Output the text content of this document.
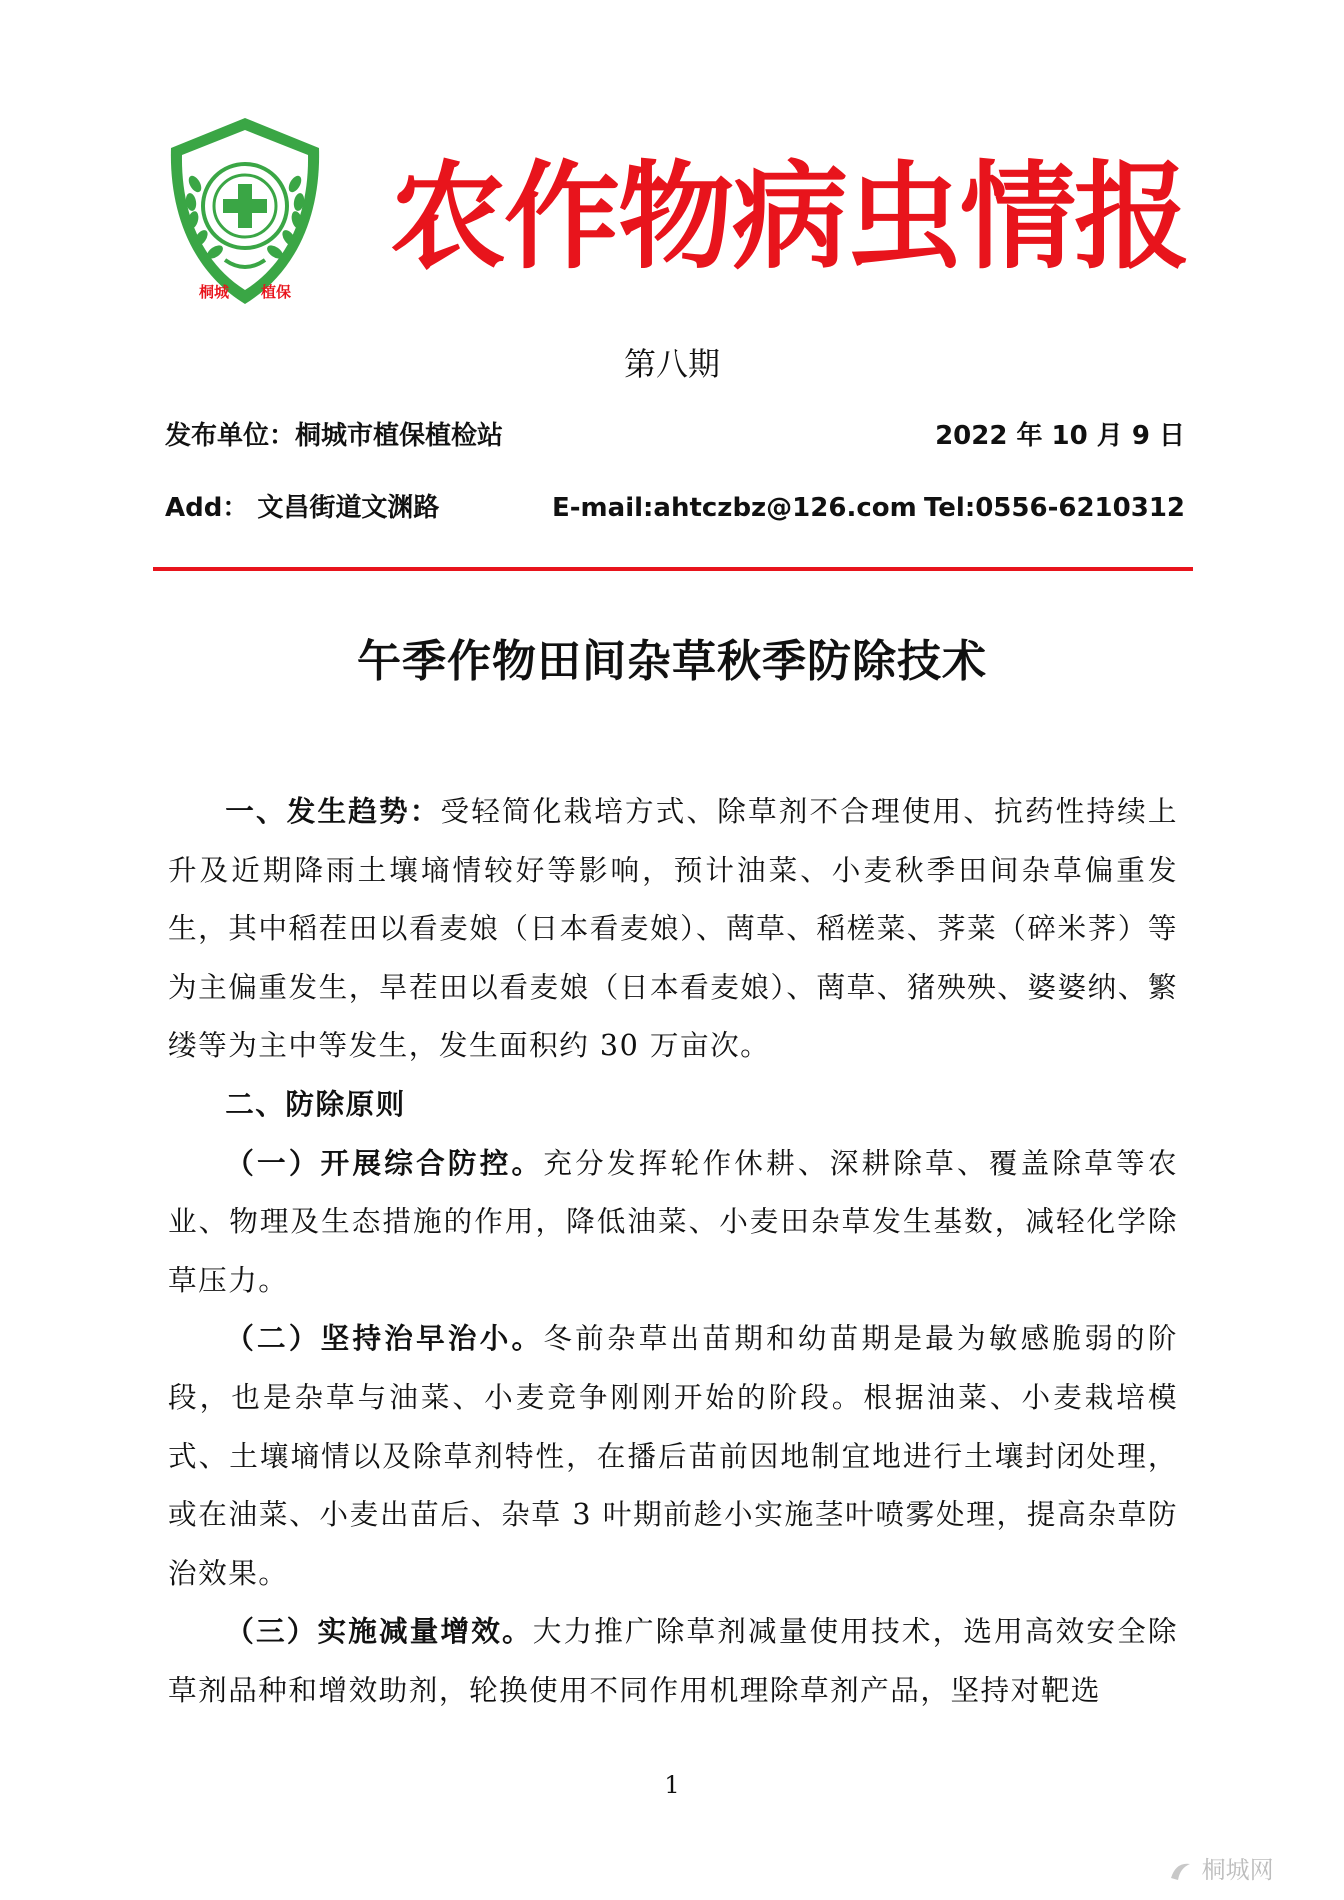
桐城 植保
农作物病虫情报
第八期
发布单位：桐城市植保植检站	2022 年 10 月 9 日
Add： 文昌街道文渊路	E-mail:ahtczbz@126.com Tel:0556-6210312
午季作物田间杂草秋季防除技术

一、发生趋势：受轻简化栽培方式、除草剂不合理使用、抗药性持续上升及近期降雨土壤墒情较好等影响，预计油菜、小麦秋季田间杂草偏重发生，其中稻茬田以看麦娘（日本看麦娘）、菵草、稻槎菜、荠菜（碎米荠）等为主偏重发生，旱茬田以看麦娘（日本看麦娘）、菵草、猪殃殃、婆婆纳、繁缕等为主中等发生，发生面积约 30 万亩次。

二、防除原则

（一）开展综合防控。充分发挥轮作休耕、深耕除草、覆盖除草等农业、物理及生态措施的作用，降低油菜、小麦田杂草发生基数，减轻化学除草压力。

（二）坚持治早治小。冬前杂草出苗期和幼苗期是最为敏感脆弱的阶段，也是杂草与油菜、小麦竞争刚刚开始的阶段。根据油菜、小麦栽培模式、土壤墒情以及除草剂特性，在播后苗前因地制宜地进行土壤封闭处理，或在油菜、小麦出苗后、杂草 3 叶期前趁小实施茎叶喷雾处理，提高杂草防治效果。

（三）实施减量增效。大力推广除草剂减量使用技术，选用高效安全除草剂品种和增效助剂，轮换使用不同作用机理除草剂产品，坚持对靶选

1
桐城网
